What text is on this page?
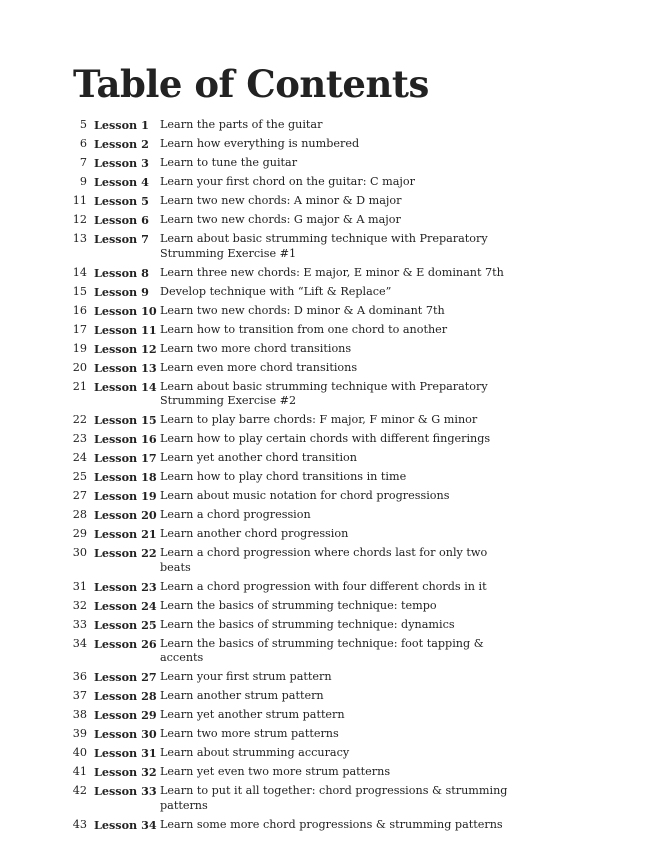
Table of Contents
5 Lesson 1 Learn the parts of the guitar
6 Lesson 2 Learn how everything is numbered
7 Lesson 3 Learn to tune the guitar
9 Lesson 4 Learn your first chord on the guitar: C major
11 Lesson 5 Learn two new chords: A minor & D major
12 Lesson 6 Learn two new chords: G major & A major
13 Lesson 7 Learn about basic strumming technique with Preparatory Strumming Exercise #1
14 Lesson 8 Learn three new chords: E major, E minor & E dominant 7th
15 Lesson 9 Develop technique with “Lift & Replace”
16 Lesson 10 Learn two new chords: D minor & A dominant 7th
17 Lesson 11 Learn how to transition from one chord to another
19 Lesson 12 Learn two more chord transitions
20 Lesson 13 Learn even more chord transitions
21 Lesson 14 Learn about basic strumming technique with Preparatory Strumming Exercise #2
22 Lesson 15 Learn to play barre chords: F major, F minor & G minor
23 Lesson 16 Learn how to play certain chords with different fingerings
24 Lesson 17 Learn yet another chord transition
25 Lesson 18 Learn how to play chord transitions in time
27 Lesson 19 Learn about music notation for chord progressions
28 Lesson 20 Learn a chord progression
29 Lesson 21 Learn another chord progression
30 Lesson 22 Learn a chord progression where chords last for only two beats
31 Lesson 23 Learn a chord progression with four different chords in it
32 Lesson 24 Learn the basics of strumming technique: tempo
33 Lesson 25 Learn the basics of strumming technique: dynamics
34 Lesson 26 Learn the basics of strumming technique: foot tapping & accents
36 Lesson 27 Learn your first strum pattern
37 Lesson 28 Learn another strum pattern
38 Lesson 29 Learn yet another strum pattern
39 Lesson 30 Learn two more strum patterns
40 Lesson 31 Learn about strumming accuracy
41 Lesson 32 Learn yet even two more strum patterns
42 Lesson 33 Learn to put it all together: chord progressions & strumming patterns
43 Lesson 34 Learn some more chord progressions & strumming patterns
